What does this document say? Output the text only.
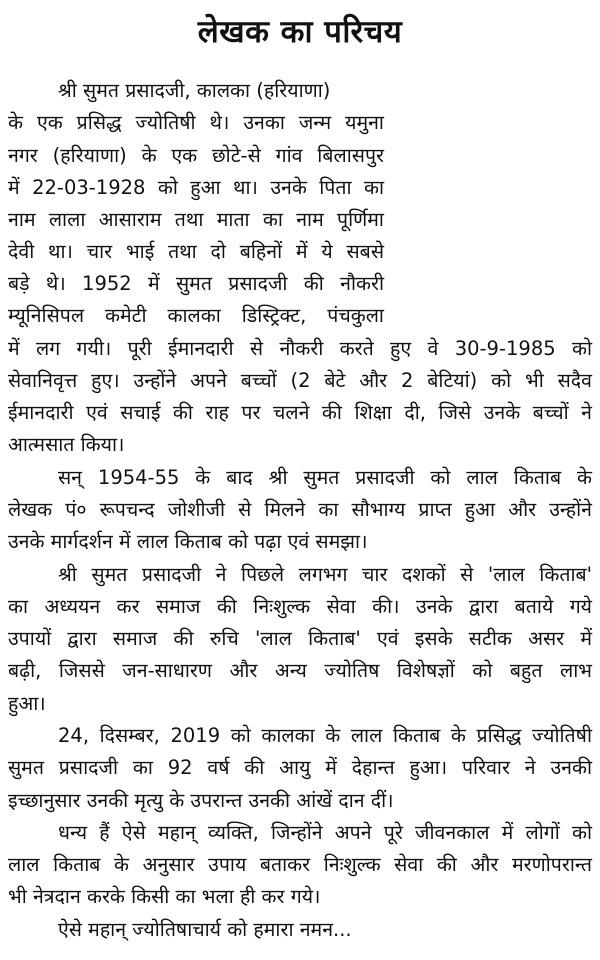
लेखक का परिचय
श्री सुमत प्रसादजी, कालका (हरियाणा)
के एक प्रसिद्ध ज्योतिषी थे। उनका जन्म यमुना
नगर (हरियाणा) के एक छोटे-से गांव बिलासपुर
में 22-03-1928 को हुआ था। उनके पिता का
नाम लाला आसाराम तथा माता का नाम पूर्णिमा
देवी था। चार भाई तथा दो बहिनों में ये सबसे
बड़े थे। 1952 में सुमत प्रसादजी की नौकरी
म्यूनिसिपल कमेटी कालका डिस्ट्रिक्ट, पंचकुला
में लग गयी। पूरी ईमानदारी से नौकरी करते हुए वे 30-9-1985 को
सेवानिवृत्त हुए। उन्होंने अपने बच्चों (2 बेटे और 2 बेटियां) को भी सदैव
ईमानदारी एवं सचाई की राह पर चलने की शिक्षा दी, जिसे उनके बच्चों ने
आत्मसात किया।
सन् 1954-55 के बाद श्री सुमत प्रसादजी को लाल किताब के
लेखक पं० रूपचन्द जोशीजी से मिलने का सौभाग्य प्राप्त हुआ और उन्होंने
उनके मार्गदर्शन में लाल किताब को पढ़ा एवं समझा।
श्री सुमत प्रसादजी ने पिछले लगभग चार दशकों से 'लाल किताब'
का अध्ययन कर समाज की निःशुल्क सेवा की। उनके द्वारा बताये गये
उपायों द्वारा समाज की रुचि 'लाल किताब' एवं इसके सटीक असर में
बढ़ी, जिससे जन-साधारण और अन्य ज्योतिष विशेषज्ञों को बहुत लाभ
हुआ।
24, दिसम्बर, 2019 को कालका के लाल किताब के प्रसिद्ध ज्योतिषी
सुमत प्रसादजी का 92 वर्ष की आयु में देहान्त हुआ। परिवार ने उनकी
इच्छानुसार उनकी मृत्यु के उपरान्त उनकी आंखें दान दीं।
धन्य हैं ऐसे महान् व्यक्ति, जिन्होंने अपने पूरे जीवनकाल में लोगों को
लाल किताब के अनुसार उपाय बताकर निःशुल्क सेवा की और मरणोपरान्त
भी नेत्रदान करके किसी का भला ही कर गये।
ऐसे महान् ज्योतिषाचार्य को हमारा नमन...
